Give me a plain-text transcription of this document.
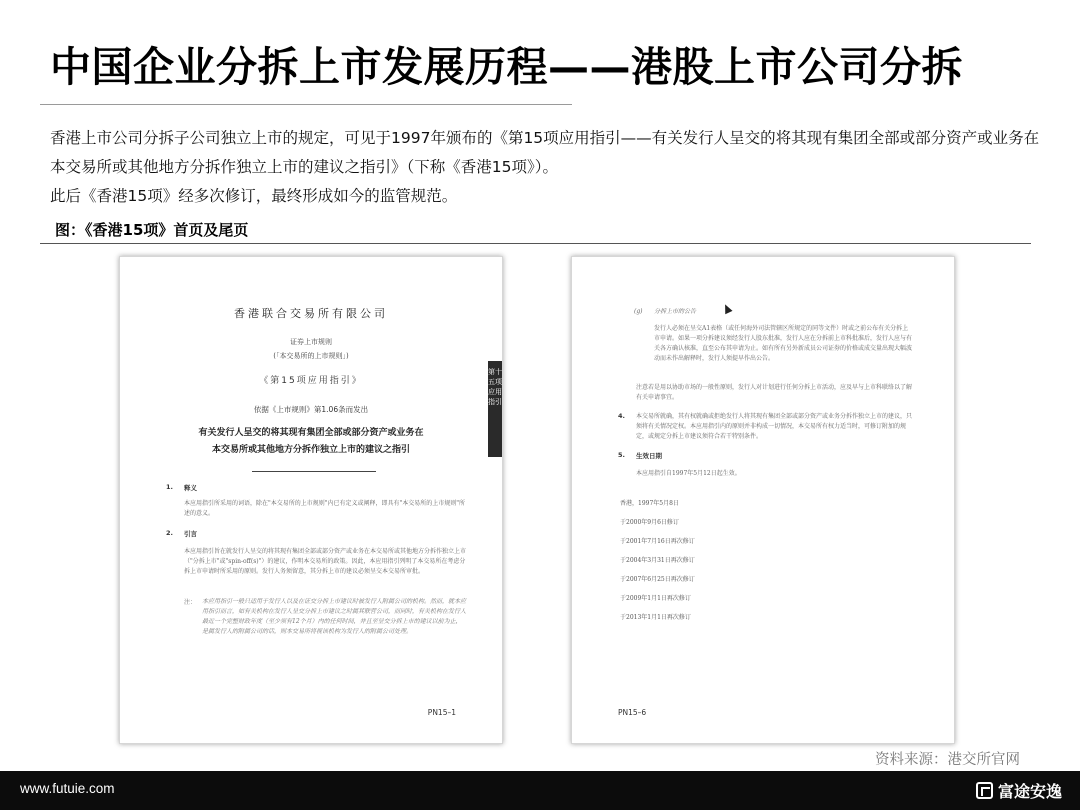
中国企业分拆上市发展历程——港股上市公司分拆

香港上市公司分拆子公司独立上市的规定，可见于1997年颁布的《第15项应用指引——有关发行人呈交的将其现有集团全部或部分资产或业务在本交易所或其他地方分拆作独立上市的建议之指引》（下称《香港15项》）。

此后《香港15项》经多次修订，最终形成如今的监管规范。

图：《香港15项》首页及尾页
香港联合交易所有限公司
证券上市规则
(「本交易所的上市规则」)
《第15项应用指引》
依据《上市规则》第1.06条而发出
有关发行人呈交的将其现有集团全部或部分资产或业务在
本交易所或其他地方分拆作独立上市的建议之指引
第十五项应用指引
1. 释义
本应用指引所采用的词语，除在"本交易所的上市规则"内已有定义或阐释，即具有"本交易所的上市规则"所述的意义。
2. 引言
本应用指引旨在就发行人呈交的将其现有集团全部或部分资产或业务在本交易所或其他地方分拆作独立上市（"分拆上市"或"spin-off(s)"）的建议，作明本交易所的政策。因此，本应用指引列明了本交易所在考虑分拆上市申请时所采用的原则。发行人务须留意，其分拆上市的建议必须呈交本交易所审批。
注： 本应用指引一般只适用于发行人以及在证交分拆上市建议时被发行人附属公司的机构。然而，就本应用指引而言，如有关机构在发行人呈交分拆上市建议之时属其联营公司，而同时，有关机构在发行人最近一个完整财政年度（至少须有12个月）内的任何时间，并且至呈交分拆上市的建议以前为止，是属发行人的附属公司的话，则本交易所将视该机构为发行人的附属公司处理。
PN15–1
(g) 分拆上市的公告
发行人必须在呈交A1表格（或任何海外司法管辖区所规定的同等文件）时或之前公布有关分拆上市申请。如果一项分拆建议须经发行人股东批准，发行人应在分拆前上市科批准后，发行人应与有关各方确认核准，直至公布其申请为止。如有所有另外新成员公司证券的价格或成交量出现大幅波动而未作出解释时，发行人须提早作出公告。
注意若是用以协助市场的一般性原则，发行人对计划进行任何分拆上市活动，应及早与上市科联络以了解有关申请事宜。
4. 本交易所就确，其有权就确或拒绝发行人将其现有集团全部或部分资产或业务分拆作独立上市的建议，只须将有关情况定权。本应用指引内的原则并非构成一切情况，本交易所有权力适当时，可修订附加的规定，或规定分拆上市建议须符合若干特别条件。
5. 生效日期
本应用指引自1997年5月12日起生效。
香港，1997年5月8日
于2000年9月6日修订
于2001年7月16日再次修订
于2004年3月31日再次修订
于2007年6月25日再次修订
于2009年1月1日再次修订
于2013年1月1日再次修订
PN15–6
资料来源：港交所官网
www.futuie.com	富途安逸
